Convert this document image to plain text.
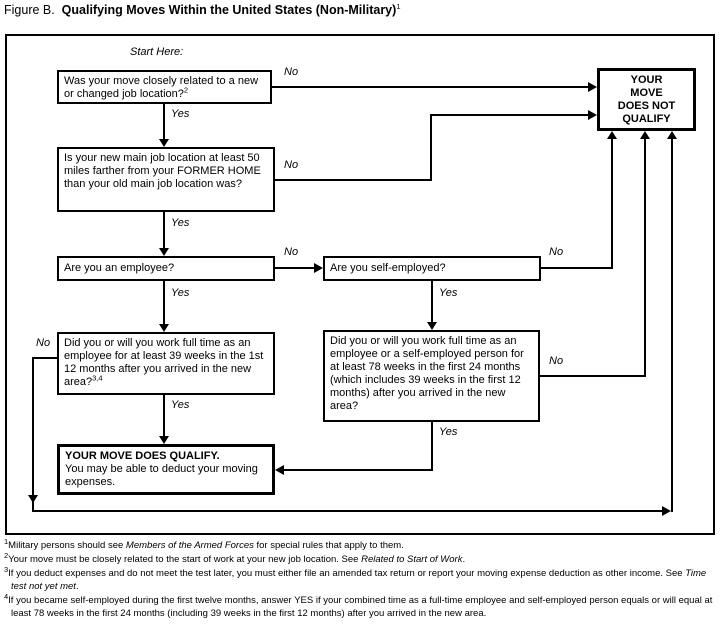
Figure B. Qualifying Moves Within the United States (Non-Military)$^1$
Start Here:
Was your move closely related to a new or changed job location?$^2$
Is your new main job location at least 50 miles farther from your FORMER HOME than your old main job location was?
Are you an employee?	Are you self-employed?
Did you or will you work full time as an employee for at least 39 weeks in the 1st 12 months after you arrived in the new area?$^{3,4}$
Did you or will you work full time as an employee or a self-employed person for at least 78 weeks in the first 24 months (which includes 39 weeks in the first 12 months) after you arrived in the new area?
YOUR
MOVE
DOES NOT
QUALIFY
YOUR MOVE DOES QUALIFY.
You may be able to deduct your moving expenses.
No
Yes
No
Yes
No
Yes
No
Yes
No
Yes
No
Yes
$^1$Military persons should see Members of the Armed Forces for special rules that apply to them.
$^2$Your move must be closely related to the start of work at your new job location. See Related to Start of Work.
$^3$If you deduct expenses and do not meet the test later, you must either file an amended tax return or report your moving expense deduction as other income. See Time test not yet met.
$^4$If you became self-employed during the first twelve months, answer YES if your combined time as a full-time employee and self-employed person equals or will equal at least 78 weeks in the first 24 months (including 39 weeks in the first 12 months) after you arrived in the new area.
